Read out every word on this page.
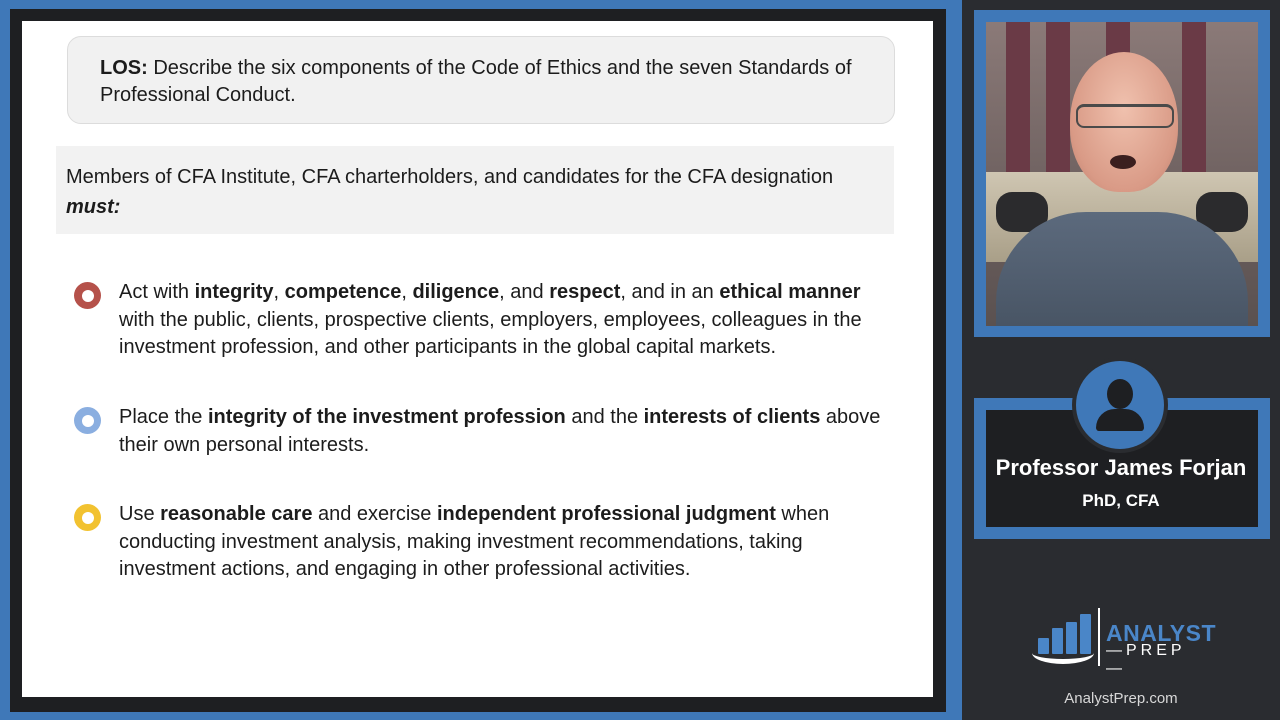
LOS: Describe the six components of the Code of Ethics and the seven Standards of Professional Conduct.
Members of CFA Institute, CFA charterholders, and candidates for the CFA designation must:
Act with integrity, competence, diligence, and respect, and in an ethical manner with the public, clients, prospective clients, employers, employees, colleagues in the investment profession, and other participants in the global capital markets.
Place the integrity of the investment profession and the interests of clients above their own personal interests.
Use reasonable care and exercise independent professional judgment when conducting investment analysis, making investment recommendations, taking investment actions, and engaging in other professional activities.
Professor James Forjan
PhD, CFA
ANALYST
—PREP—
AnalystPrep.com
